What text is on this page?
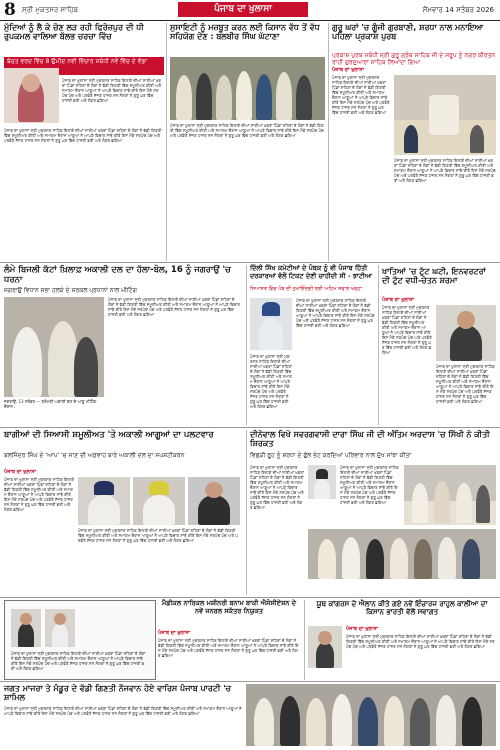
8 ਸ੍ਰੀ ਮੁਕਤਸਰ ਸਾਹਿਬ	ਪੰਜਾਬ ਦਾ ਖੁਲਾਸਾ	ਸੋਮਵਾਰ 14 ਸਤੰਬਰ 2026
ਮੁੱਦਿਆਂ ਨੂੰ ਲੈ ਕੇ ਚੋਣ ਲੜ ਰਹੀ ਫਿਰੋਜ਼ਪੁਰ ਦੀ ਧੀ ਰੁਪਕਮਲ ਵਾਲਿਆ ਬੱਲਭ ਚਰਚਾ ਵਿੱਚ
ਬੱਚਤ ਵਰਦ ਵਿੱਚ 8 ਉਮੀਦ ਨਵੀ ਵਿੱਚਾਰ ਸਬੰਧੀ ਨਵੇਂ ਵਿੱਚ ਦੇ ਵੱਡਾ
ਪੰਜਾਬ ਦਾ ਖੁਲਾਸਾ
ਪੰਜਾਬ ਦਾ ਖੁਲਾਸਾ ਸ੍ਰੀ ਮੁਕਤਸਰ ਸਾਹਿਬ ਇਲਾਕੇ ਦੀਆਂ ਸਾਰੀਆਂ ਖ਼ਬਰਾਂ ਪਿੰਡਾਂ ਸ਼ਹਿਰਾਂ ਦੇ ਲੋਕਾਂ ਨੇ ਵੱਡੀ ਗਿਣਤੀ ਵਿੱਚ ਸ਼ਮੂਲੀਅਤ ਕੀਤੀ ਅਤੇ ਸਮਾਗਮ ਦੌਰਾਨ ਆਗੂਆਂ ਨੇ ਆਪਣੇ ਵਿਚਾਰ ਸਾਂਝੇ ਕੀਤੇ ਇਸ ਮੌਕੇ ਸਰਪੰਚ ਪੰਚ ਅਤੇ ਪਤਵੰਤੇ ਸੱਜਣ ਹਾਜ਼ਰ ਸਨ ਸੰਗਤਾਂ ਨੇ ਗੁਰੂ ਘਰ ਵਿੱਚ ਹਾਜ਼ਰੀ ਭਰੀ ਅਤੇ ਲੰਗਰ ਛਕਿਆ
ਪੰਜਾਬ ਦਾ ਖੁਲਾਸਾ ਸ੍ਰੀ ਮੁਕਤਸਰ ਸਾਹਿਬ ਇਲਾਕੇ ਦੀਆਂ ਸਾਰੀਆਂ ਖ਼ਬਰਾਂ ਪਿੰਡਾਂ ਸ਼ਹਿਰਾਂ ਦੇ ਲੋਕਾਂ ਨੇ ਵੱਡੀ ਗਿਣਤੀ ਵਿੱਚ ਸ਼ਮੂਲੀਅਤ ਕੀਤੀ ਅਤੇ ਸਮਾਗਮ ਦੌਰਾਨ ਆਗੂਆਂ ਨੇ ਆਪਣੇ ਵਿਚਾਰ ਸਾਂਝੇ ਕੀਤੇ ਇਸ ਮੌਕੇ ਸਰਪੰਚ ਪੰਚ ਅਤੇ ਪਤਵੰਤੇ ਸੱਜਣ ਹਾਜ਼ਰ ਸਨ ਸੰਗਤਾਂ ਨੇ ਗੁਰੂ ਘਰ ਵਿੱਚ ਹਾਜ਼ਰੀ ਭਰੀ ਅਤੇ ਲੰਗਰ ਛਕਿਆ
ਸੁਸਾਇਟੀ ਨੂੰ ਮਜ਼ਬੂਤ ਕਰਨ ਲਈ ਕਿਸਾਨ ਵੱਧ ਤੋਂ ਵੱਧ ਸਹਿਯੋਗ ਦੇਣ : ਬਲਬੀਰ ਸਿੰਘ ਘੱਟਾਣਾ
ਪੰਜਾਬ ਦਾ ਖੁਲਾਸਾ ਸ੍ਰੀ ਮੁਕਤਸਰ ਸਾਹਿਬ ਇਲਾਕੇ ਦੀਆਂ ਸਾਰੀਆਂ ਖ਼ਬਰਾਂ ਪਿੰਡਾਂ ਸ਼ਹਿਰਾਂ ਦੇ ਲੋਕਾਂ ਨੇ ਵੱਡੀ ਗਿਣਤੀ ਵਿੱਚ ਸ਼ਮੂਲੀਅਤ ਕੀਤੀ ਅਤੇ ਸਮਾਗਮ ਦੌਰਾਨ ਆਗੂਆਂ ਨੇ ਆਪਣੇ ਵਿਚਾਰ ਸਾਂਝੇ ਕੀਤੇ ਇਸ ਮੌਕੇ ਸਰਪੰਚ ਪੰਚ ਅਤੇ ਪਤਵੰਤੇ ਸੱਜਣ ਹਾਜ਼ਰ ਸਨ ਸੰਗਤਾਂ ਨੇ ਗੁਰੂ ਘਰ ਵਿੱਚ ਹਾਜ਼ਰੀ ਭਰੀ ਅਤੇ ਲੰਗਰ ਛਕਿਆ
ਗੁਰੂ ਘਰਾਂ 'ਚ ਗੂੰਜੀ ਗੁਰਬਾਣੀ, ਸ਼ਰਧਾ ਨਾਲ ਮਨਾਇਆ ਪਹਿਲਾ ਪ੍ਰਕਾਸ਼ ਪੁਰਬ
ਪ੍ਰਕਾਸ਼ ਪੁਰਬ ਸਬੰਧੀ ਸ੍ਰੀ ਗੁਰੂ ਗ੍ਰੰਥ ਸਾਹਿਬ ਜੀ ਦੇ ਸਰੂਪ ਨੂੰ ਨਗਰ ਕੀਰਤਨ ਰਾਹੀਂ ਗੁਰਦੁਆਰਾ ਸਾਹਿਬ ਲਿਆਂਦਾ ਗਿਆ
ਪੰਜਾਬ ਦਾ ਖੁਲਾਸਾ
ਪੰਜਾਬ ਦਾ ਖੁਲਾਸਾ ਸ੍ਰੀ ਮੁਕਤਸਰ ਸਾਹਿਬ ਇਲਾਕੇ ਦੀਆਂ ਸਾਰੀਆਂ ਖ਼ਬਰਾਂ ਪਿੰਡਾਂ ਸ਼ਹਿਰਾਂ ਦੇ ਲੋਕਾਂ ਨੇ ਵੱਡੀ ਗਿਣਤੀ ਵਿੱਚ ਸ਼ਮੂਲੀਅਤ ਕੀਤੀ ਅਤੇ ਸਮਾਗਮ ਦੌਰਾਨ ਆਗੂਆਂ ਨੇ ਆਪਣੇ ਵਿਚਾਰ ਸਾਂਝੇ ਕੀਤੇ ਇਸ ਮੌਕੇ ਸਰਪੰਚ ਪੰਚ ਅਤੇ ਪਤਵੰਤੇ ਸੱਜਣ ਹਾਜ਼ਰ ਸਨ ਸੰਗਤਾਂ ਨੇ ਗੁਰੂ ਘਰ ਵਿੱਚ ਹਾਜ਼ਰੀ ਭਰੀ ਅਤੇ ਲੰਗਰ ਛਕਿਆ
ਪੰਜਾਬ ਦਾ ਖੁਲਾਸਾ ਸ੍ਰੀ ਮੁਕਤਸਰ ਸਾਹਿਬ ਇਲਾਕੇ ਦੀਆਂ ਸਾਰੀਆਂ ਖ਼ਬਰਾਂ ਪਿੰਡਾਂ ਸ਼ਹਿਰਾਂ ਦੇ ਲੋਕਾਂ ਨੇ ਵੱਡੀ ਗਿਣਤੀ ਵਿੱਚ ਸ਼ਮੂਲੀਅਤ ਕੀਤੀ ਅਤੇ ਸਮਾਗਮ ਦੌਰਾਨ ਆਗੂਆਂ ਨੇ ਆਪਣੇ ਵਿਚਾਰ ਸਾਂਝੇ ਕੀਤੇ ਇਸ ਮੌਕੇ ਸਰਪੰਚ ਪੰਚ ਅਤੇ ਪਤਵੰਤੇ ਸੱਜਣ ਹਾਜ਼ਰ ਸਨ ਸੰਗਤਾਂ ਨੇ ਗੁਰੂ ਘਰ ਵਿੱਚ ਹਾਜ਼ਰੀ ਭਰੀ ਅਤੇ ਲੰਗਰ ਛਕਿਆ
ਲੰਮੇ ਬਿਜਲੀ ਕੱਟਾਂ ਖ਼ਿਲਾਫ਼ ਅਕਾਲੀ ਦਲ ਦਾ ਹੱਲਾ-ਬੋਲ, 16 ਨੂੰ ਜਗਰਾਉਂ 'ਚ ਧਰਨਾ
ਜਗਰਾਉਂ ਵਿਧਾਨ ਸਭਾ ਹਲਕੇ ਦੇ ਸਰਕਲ ਪ੍ਰਧਾਨਾਂ ਨਾਲ ਮੀਟਿੰਗ
ਜਗਰਾਉਂ, 13 ਸਤੰਬਰ — ਸ਼੍ਰੋਮਣੀ ਅਕਾਲੀ ਦਲ ਦੇ ਆਗੂ ਮੀਟਿੰਗ ਦੌਰਾਨ।
ਪੰਜਾਬ ਦਾ ਖੁਲਾਸਾ ਸ੍ਰੀ ਮੁਕਤਸਰ ਸਾਹਿਬ ਇਲਾਕੇ ਦੀਆਂ ਸਾਰੀਆਂ ਖ਼ਬਰਾਂ ਪਿੰਡਾਂ ਸ਼ਹਿਰਾਂ ਦੇ ਲੋਕਾਂ ਨੇ ਵੱਡੀ ਗਿਣਤੀ ਵਿੱਚ ਸ਼ਮੂਲੀਅਤ ਕੀਤੀ ਅਤੇ ਸਮਾਗਮ ਦੌਰਾਨ ਆਗੂਆਂ ਨੇ ਆਪਣੇ ਵਿਚਾਰ ਸਾਂਝੇ ਕੀਤੇ ਇਸ ਮੌਕੇ ਸਰਪੰਚ ਪੰਚ ਅਤੇ ਪਤਵੰਤੇ ਸੱਜਣ ਹਾਜ਼ਰ ਸਨ ਸੰਗਤਾਂ ਨੇ ਗੁਰੂ ਘਰ ਵਿੱਚ ਹਾਜ਼ਰੀ ਭਰੀ ਅਤੇ ਲੰਗਰ ਛਕਿਆ
ਦਿੱਲੀ ਸਿੱਖ ਕਮੇਟੀਆਂ ਦੇ ਪੰਥਕ ਨੂੰ ਵੀ ਪੰਜਾਬ ਹਿੱਤੀ ਦਰਕਾਰਆਂ ਵੱਲੋਂ ਟਿਕਟ ਦੇਣੀ ਚਾਹੀਦੀ ਸੀ - ਝਾਟੀਆ
ਸਿਆਸਤ ਵਿੱਚ ਪੰਥ ਦੀ ਨੁਮਾਇੰਦਗੀ ਲਈ ਅਹਿਮ ਸਵਾਲ ਖੜ੍ਹਾ
ਪੰਜਾਬ ਦਾ ਖੁਲਾਸਾ ਸ੍ਰੀ ਮੁਕਤਸਰ ਸਾਹਿਬ ਇਲਾਕੇ ਦੀਆਂ ਸਾਰੀਆਂ ਖ਼ਬਰਾਂ ਪਿੰਡਾਂ ਸ਼ਹਿਰਾਂ ਦੇ ਲੋਕਾਂ ਨੇ ਵੱਡੀ ਗਿਣਤੀ ਵਿੱਚ ਸ਼ਮੂਲੀਅਤ ਕੀਤੀ ਅਤੇ ਸਮਾਗਮ ਦੌਰਾਨ ਆਗੂਆਂ ਨੇ ਆਪਣੇ ਵਿਚਾਰ ਸਾਂਝੇ ਕੀਤੇ ਇਸ ਮੌਕੇ ਸਰਪੰਚ ਪੰਚ ਅਤੇ ਪਤਵੰਤੇ ਸੱਜਣ ਹਾਜ਼ਰ ਸਨ ਸੰਗਤਾਂ ਨੇ ਗੁਰੂ ਘਰ ਵਿੱਚ ਹਾਜ਼ਰੀ ਭਰੀ ਅਤੇ ਲੰਗਰ ਛਕਿਆ
ਪੰਜਾਬ ਦਾ ਖੁਲਾਸਾ ਸ੍ਰੀ ਮੁਕਤਸਰ ਸਾਹਿਬ ਇਲਾਕੇ ਦੀਆਂ ਸਾਰੀਆਂ ਖ਼ਬਰਾਂ ਪਿੰਡਾਂ ਸ਼ਹਿਰਾਂ ਦੇ ਲੋਕਾਂ ਨੇ ਵੱਡੀ ਗਿਣਤੀ ਵਿੱਚ ਸ਼ਮੂਲੀਅਤ ਕੀਤੀ ਅਤੇ ਸਮਾਗਮ ਦੌਰਾਨ ਆਗੂਆਂ ਨੇ ਆਪਣੇ ਵਿਚਾਰ ਸਾਂਝੇ ਕੀਤੇ ਇਸ ਮੌਕੇ ਸਰਪੰਚ ਪੰਚ ਅਤੇ ਪਤਵੰਤੇ ਸੱਜਣ ਹਾਜ਼ਰ ਸਨ ਸੰਗਤਾਂ ਨੇ ਗੁਰੂ ਘਰ ਵਿੱਚ ਹਾਜ਼ਰੀ ਭਰੀ ਅਤੇ ਲੰਗਰ ਛਕਿਆ
ਖਾਤਿਆਂ 'ਚ ਟੁੱਟ ਘਟੀ, ਇਨਵਰਟਰਾਂ ਦੀ ਟੁੱਟ ਵਧੀ-ਚੇਤਨ ਸ਼ਰਮਾ
ਪੰਜਾਬ ਦਾ ਖੁਲਾਸਾ
ਪੰਜਾਬ ਦਾ ਖੁਲਾਸਾ ਸ੍ਰੀ ਮੁਕਤਸਰ ਸਾਹਿਬ ਇਲਾਕੇ ਦੀਆਂ ਸਾਰੀਆਂ ਖ਼ਬਰਾਂ ਪਿੰਡਾਂ ਸ਼ਹਿਰਾਂ ਦੇ ਲੋਕਾਂ ਨੇ ਵੱਡੀ ਗਿਣਤੀ ਵਿੱਚ ਸ਼ਮੂਲੀਅਤ ਕੀਤੀ ਅਤੇ ਸਮਾਗਮ ਦੌਰਾਨ ਆਗੂਆਂ ਨੇ ਆਪਣੇ ਵਿਚਾਰ ਸਾਂਝੇ ਕੀਤੇ ਇਸ ਮੌਕੇ ਸਰਪੰਚ ਪੰਚ ਅਤੇ ਪਤਵੰਤੇ ਸੱਜਣ ਹਾਜ਼ਰ ਸਨ ਸੰਗਤਾਂ ਨੇ ਗੁਰੂ ਘਰ ਵਿੱਚ ਹਾਜ਼ਰੀ ਭਰੀ ਅਤੇ ਲੰਗਰ ਛਕਿਆ
ਪੰਜਾਬ ਦਾ ਖੁਲਾਸਾ ਸ੍ਰੀ ਮੁਕਤਸਰ ਸਾਹਿਬ ਇਲਾਕੇ ਦੀਆਂ ਸਾਰੀਆਂ ਖ਼ਬਰਾਂ ਪਿੰਡਾਂ ਸ਼ਹਿਰਾਂ ਦੇ ਲੋਕਾਂ ਨੇ ਵੱਡੀ ਗਿਣਤੀ ਵਿੱਚ ਸ਼ਮੂਲੀਅਤ ਕੀਤੀ ਅਤੇ ਸਮਾਗਮ ਦੌਰਾਨ ਆਗੂਆਂ ਨੇ ਆਪਣੇ ਵਿਚਾਰ ਸਾਂਝੇ ਕੀਤੇ ਇਸ ਮੌਕੇ ਸਰਪੰਚ ਪੰਚ ਅਤੇ ਪਤਵੰਤੇ ਸੱਜਣ ਹਾਜ਼ਰ ਸਨ ਸੰਗਤਾਂ ਨੇ ਗੁਰੂ ਘਰ ਵਿੱਚ ਹਾਜ਼ਰੀ ਭਰੀ ਅਤੇ ਲੰਗਰ ਛਕਿਆ
ਬਾਗੀਆਂ ਦੀ ਸਿਆਸੀ ਸ਼ਮੂਲੀਅਤ 'ਤੇ ਅਕਾਲੀ ਆਗੂਆਂ ਦਾ ਪਲਟਵਾਰ
ਬਲਜਿੰਦਰ ਸਿੰਘ ਦੇ 'ਆਪ' 'ਚ ਜਾਣ ਦੀ ਅਫ਼ਵਾਹ ਬਾਰੇ ਅਕਾਲੀ ਦਲ ਦਾ ਸਪਸ਼ਟੀਕਰਨ
ਪੰਜਾਬ ਦਾ ਖੁਲਾਸਾ
ਪੰਜਾਬ ਦਾ ਖੁਲਾਸਾ ਸ੍ਰੀ ਮੁਕਤਸਰ ਸਾਹਿਬ ਇਲਾਕੇ ਦੀਆਂ ਸਾਰੀਆਂ ਖ਼ਬਰਾਂ ਪਿੰਡਾਂ ਸ਼ਹਿਰਾਂ ਦੇ ਲੋਕਾਂ ਨੇ ਵੱਡੀ ਗਿਣਤੀ ਵਿੱਚ ਸ਼ਮੂਲੀਅਤ ਕੀਤੀ ਅਤੇ ਸਮਾਗਮ ਦੌਰਾਨ ਆਗੂਆਂ ਨੇ ਆਪਣੇ ਵਿਚਾਰ ਸਾਂਝੇ ਕੀਤੇ ਇਸ ਮੌਕੇ ਸਰਪੰਚ ਪੰਚ ਅਤੇ ਪਤਵੰਤੇ ਸੱਜਣ ਹਾਜ਼ਰ ਸਨ ਸੰਗਤਾਂ ਨੇ ਗੁਰੂ ਘਰ ਵਿੱਚ ਹਾਜ਼ਰੀ ਭਰੀ ਅਤੇ ਲੰਗਰ ਛਕਿਆ
ਪੰਜਾਬ ਦਾ ਖੁਲਾਸਾ ਸ੍ਰੀ ਮੁਕਤਸਰ ਸਾਹਿਬ ਇਲਾਕੇ ਦੀਆਂ ਸਾਰੀਆਂ ਖ਼ਬਰਾਂ ਪਿੰਡਾਂ ਸ਼ਹਿਰਾਂ ਦੇ ਲੋਕਾਂ ਨੇ ਵੱਡੀ ਗਿਣਤੀ ਵਿੱਚ ਸ਼ਮੂਲੀਅਤ ਕੀਤੀ ਅਤੇ ਸਮਾਗਮ ਦੌਰਾਨ ਆਗੂਆਂ ਨੇ ਆਪਣੇ ਵਿਚਾਰ ਸਾਂਝੇ ਕੀਤੇ ਇਸ ਮੌਕੇ ਸਰਪੰਚ ਪੰਚ ਅਤੇ ਪਤਵੰਤੇ ਸੱਜਣ ਹਾਜ਼ਰ ਸਨ ਸੰਗਤਾਂ ਨੇ ਗੁਰੂ ਘਰ ਵਿੱਚ ਹਾਜ਼ਰੀ ਭਰੀ ਅਤੇ ਲੰਗਰ ਛਕਿਆ
ਦੀਨੇਵਾਲ ਵਿਖੇ ਸਵਰਗਵਾਸੀ ਦਾਰਾ ਸਿੰਘ ਜੀ ਦੀ ਅੰਤਿਮ ਅਰਦਾਸ 'ਚ ਸਿੱਖੀ ਨੇ ਕੀਤੀ ਸ਼ਿਰਕਤ
ਵਿਛੜੀ ਰੂਹ ਨੂੰ ਸ਼ਰਧਾ ਦੇ ਫੁੱਲ ਭੇਟ ਕਰਦਿਆਂ ਪਰਿਵਾਰ ਨਾਲ ਦੁੱਖ ਸਾਂਝਾ ਕੀਤਾ
ਪੰਜਾਬ ਦਾ ਖੁਲਾਸਾ ਸ੍ਰੀ ਮੁਕਤਸਰ ਸਾਹਿਬ ਇਲਾਕੇ ਦੀਆਂ ਸਾਰੀਆਂ ਖ਼ਬਰਾਂ ਪਿੰਡਾਂ ਸ਼ਹਿਰਾਂ ਦੇ ਲੋਕਾਂ ਨੇ ਵੱਡੀ ਗਿਣਤੀ ਵਿੱਚ ਸ਼ਮੂਲੀਅਤ ਕੀਤੀ ਅਤੇ ਸਮਾਗਮ ਦੌਰਾਨ ਆਗੂਆਂ ਨੇ ਆਪਣੇ ਵਿਚਾਰ ਸਾਂਝੇ ਕੀਤੇ ਇਸ ਮੌਕੇ ਸਰਪੰਚ ਪੰਚ ਅਤੇ ਪਤਵੰਤੇ ਸੱਜਣ ਹਾਜ਼ਰ ਸਨ ਸੰਗਤਾਂ ਨੇ ਗੁਰੂ ਘਰ ਵਿੱਚ ਹਾਜ਼ਰੀ ਭਰੀ ਅਤੇ ਲੰਗਰ ਛਕਿਆ
ਪੰਜਾਬ ਦਾ ਖੁਲਾਸਾ ਸ੍ਰੀ ਮੁਕਤਸਰ ਸਾਹਿਬ ਇਲਾਕੇ ਦੀਆਂ ਸਾਰੀਆਂ ਖ਼ਬਰਾਂ ਪਿੰਡਾਂ ਸ਼ਹਿਰਾਂ ਦੇ ਲੋਕਾਂ ਨੇ ਵੱਡੀ ਗਿਣਤੀ ਵਿੱਚ ਸ਼ਮੂਲੀਅਤ ਕੀਤੀ ਅਤੇ ਸਮਾਗਮ ਦੌਰਾਨ ਆਗੂਆਂ ਨੇ ਆਪਣੇ ਵਿਚਾਰ ਸਾਂਝੇ ਕੀਤੇ ਇਸ ਮੌਕੇ ਸਰਪੰਚ ਪੰਚ ਅਤੇ ਪਤਵੰਤੇ ਸੱਜਣ ਹਾਜ਼ਰ ਸਨ ਸੰਗਤਾਂ ਨੇ ਗੁਰੂ ਘਰ ਵਿੱਚ ਹਾਜ਼ਰੀ ਭਰੀ ਅਤੇ ਲੰਗਰ ਛਕਿਆ
ਪੰਜਾਬ ਦਾ ਖੁਲਾਸਾ ਸ੍ਰੀ ਮੁਕਤਸਰ ਸਾਹਿਬ ਇਲਾਕੇ ਦੀਆਂ ਸਾਰੀਆਂ ਖ਼ਬਰਾਂ ਪਿੰਡਾਂ ਸ਼ਹਿਰਾਂ ਦੇ ਲੋਕਾਂ ਨੇ ਵੱਡੀ ਗਿਣਤੀ ਵਿੱਚ ਸ਼ਮੂਲੀਅਤ ਕੀਤੀ ਅਤੇ ਸਮਾਗਮ ਦੌਰਾਨ ਆਗੂਆਂ ਨੇ ਆਪਣੇ ਵਿਚਾਰ ਸਾਂਝੇ ਕੀਤੇ ਇਸ ਮੌਕੇ ਸਰਪੰਚ ਪੰਚ ਅਤੇ ਪਤਵੰਤੇ ਸੱਜਣ ਹਾਜ਼ਰ ਸਨ ਸੰਗਤਾਂ ਨੇ ਗੁਰੂ ਘਰ ਵਿੱਚ ਹਾਜ਼ਰੀ ਭਰੀ ਅਤੇ ਲੰਗਰ ਛਕਿਆ
ਮੈਡੀਕਲ ਨਾਰਿਕਲ ਮਸ਼ੀਨਰੀ ਬਨਾਮ ਬਾਕੀ ਐਸੋਸੀਏਸ਼ਨ ਦੇ ਨਵੇਂ ਜਨਰਲ ਸਕੱਤਰ ਨਿਯੁਕਤ
ਪੰਜਾਬ ਦਾ ਖੁਲਾਸਾ
ਪੰਜਾਬ ਦਾ ਖੁਲਾਸਾ ਸ੍ਰੀ ਮੁਕਤਸਰ ਸਾਹਿਬ ਇਲਾਕੇ ਦੀਆਂ ਸਾਰੀਆਂ ਖ਼ਬਰਾਂ ਪਿੰਡਾਂ ਸ਼ਹਿਰਾਂ ਦੇ ਲੋਕਾਂ ਨੇ ਵੱਡੀ ਗਿਣਤੀ ਵਿੱਚ ਸ਼ਮੂਲੀਅਤ ਕੀਤੀ ਅਤੇ ਸਮਾਗਮ ਦੌਰਾਨ ਆਗੂਆਂ ਨੇ ਆਪਣੇ ਵਿਚਾਰ ਸਾਂਝੇ ਕੀਤੇ ਇਸ ਮੌਕੇ ਸਰਪੰਚ ਪੰਚ ਅਤੇ ਪਤਵੰਤੇ ਸੱਜਣ ਹਾਜ਼ਰ ਸਨ ਸੰਗਤਾਂ ਨੇ ਗੁਰੂ ਘਰ ਵਿੱਚ ਹਾਜ਼ਰੀ ਭਰੀ ਅਤੇ ਲੰਗਰ ਛਕਿਆ
ਯੂਥ ਕਾਂਗਰਸ ਦੇ ਐਲਾਨ ਕੀਤੇ ਗਏ ਨਵੇਂ ਇੰਚਾਰਜ ਰਾਹੁਲ ਕਾਲੀਆ ਦਾ ਕਿਸਾਨ ਭਾਰਤੀ ਵੱਲੋਂ ਸਵਾਗਤ
ਪੰਜਾਬ ਦਾ ਖੁਲਾਸਾ
ਪੰਜਾਬ ਦਾ ਖੁਲਾਸਾ ਸ੍ਰੀ ਮੁਕਤਸਰ ਸਾਹਿਬ ਇਲਾਕੇ ਦੀਆਂ ਸਾਰੀਆਂ ਖ਼ਬਰਾਂ ਪਿੰਡਾਂ ਸ਼ਹਿਰਾਂ ਦੇ ਲੋਕਾਂ ਨੇ ਵੱਡੀ ਗਿਣਤੀ ਵਿੱਚ ਸ਼ਮੂਲੀਅਤ ਕੀਤੀ ਅਤੇ ਸਮਾਗਮ ਦੌਰਾਨ ਆਗੂਆਂ ਨੇ ਆਪਣੇ ਵਿਚਾਰ ਸਾਂਝੇ ਕੀਤੇ ਇਸ ਮੌਕੇ ਸਰਪੰਚ ਪੰਚ ਅਤੇ ਪਤਵੰਤੇ ਸੱਜਣ ਹਾਜ਼ਰ ਸਨ ਸੰਗਤਾਂ ਨੇ ਗੁਰੂ ਘਰ ਵਿੱਚ ਹਾਜ਼ਰੀ ਭਰੀ ਅਤੇ ਲੰਗਰ ਛਕਿਆ
ਜਗਤ ਮਾਜਰਾ ਤੇ ਮੰਡੂਰ ਦੇ ਵੱਡੀ ਗਿਣਤੀ ਨੌਜਵਾਨ ਹੋਏ ਵਾਰਿਸ ਪੰਜਾਬ ਪਾਰਟੀ 'ਚ ਸ਼ਾਮਿਲ
ਪੰਜਾਬ ਦਾ ਖੁਲਾਸਾ ਸ੍ਰੀ ਮੁਕਤਸਰ ਸਾਹਿਬ ਇਲਾਕੇ ਦੀਆਂ ਸਾਰੀਆਂ ਖ਼ਬਰਾਂ ਪਿੰਡਾਂ ਸ਼ਹਿਰਾਂ ਦੇ ਲੋਕਾਂ ਨੇ ਵੱਡੀ ਗਿਣਤੀ ਵਿੱਚ ਸ਼ਮੂਲੀਅਤ ਕੀਤੀ ਅਤੇ ਸਮਾਗਮ ਦੌਰਾਨ ਆਗੂਆਂ ਨੇ ਆਪਣੇ ਵਿਚਾਰ ਸਾਂਝੇ ਕੀਤੇ ਇਸ ਮੌਕੇ ਸਰਪੰਚ ਪੰਚ ਅਤੇ ਪਤਵੰਤੇ ਸੱਜਣ ਹਾਜ਼ਰ ਸਨ ਸੰਗਤਾਂ ਨੇ ਗੁਰੂ ਘਰ ਵਿੱਚ ਹਾਜ਼ਰੀ ਭਰੀ ਅਤੇ ਲੰਗਰ ਛਕਿਆ
